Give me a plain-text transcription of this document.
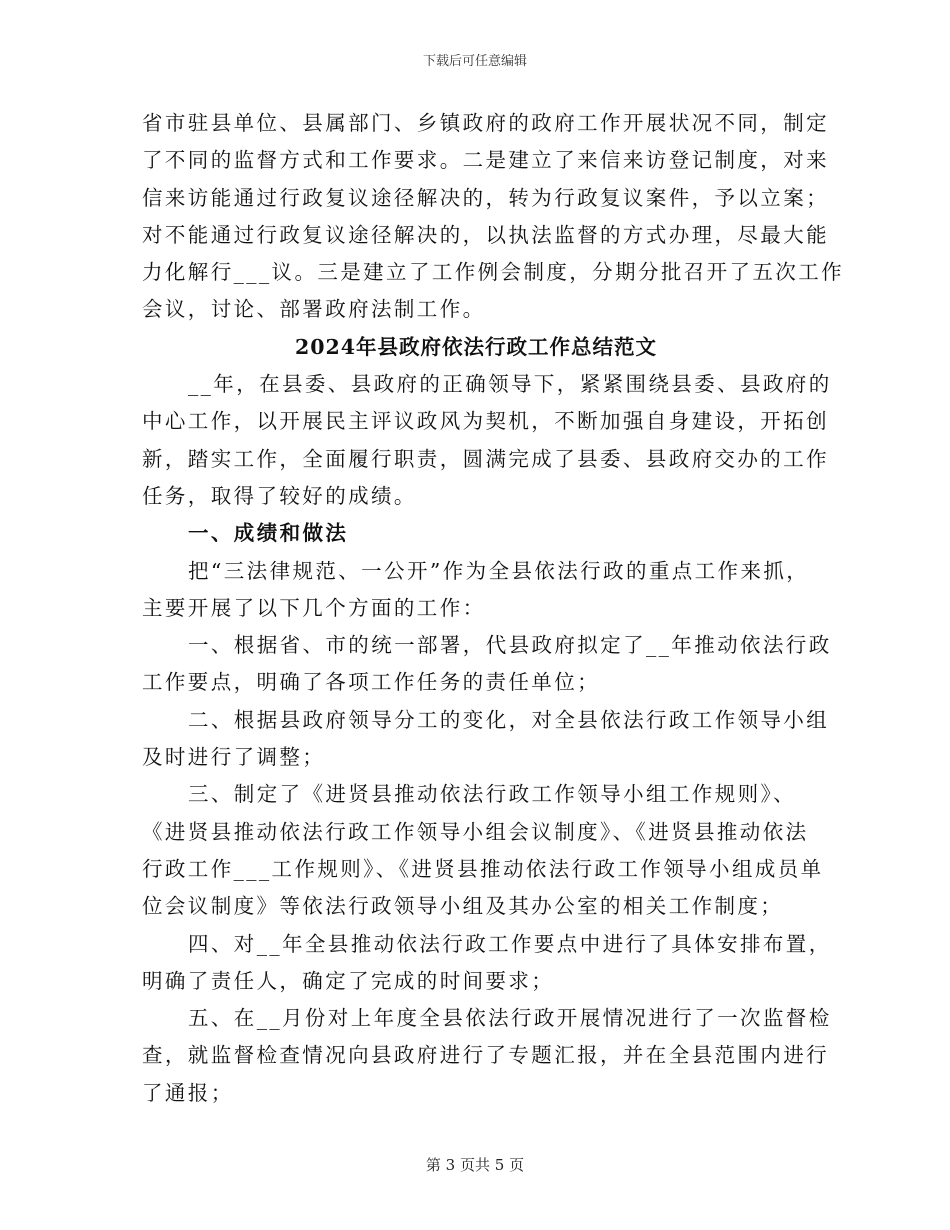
下载后可任意编辑

省市驻县单位、县属部门、乡镇政府的政府工作开展状况不同，制定

了不同的监督方式和工作要求。二是建立了来信来访登记制度，对来

信来访能通过行政复议途径解决的，转为行政复议案件，予以立案；

对不能通过行政复议途径解决的，以执法监督的方式办理，尽最大能

力化解行___议。三是建立了工作例会制度，分期分批召开了五次工作

会议，讨论、部署政府法制工作。

2024年县政府依法行政工作总结范文

__年，在县委、县政府的正确领导下，紧紧围绕县委、县政府的

中心工作，以开展民主评议政风为契机，不断加强自身建设，开拓创

新，踏实工作，全面履行职责，圆满完成了县委、县政府交办的工作

任务，取得了较好的成绩。

一、成绩和做法

把“三法律规范、一公开”作为全县依法行政的重点工作来抓，

主要开展了以下几个方面的工作：

一、根据省、市的统一部署，代县政府拟定了__年推动依法行政

工作要点，明确了各项工作任务的责任单位；

二、根据县政府领导分工的变化，对全县依法行政工作领导小组

及时进行了调整；

三、制定了《进贤县推动依法行政工作领导小组工作规则》、

《进贤县推动依法行政工作领导小组会议制度》、《进贤县推动依法

行政工作___工作规则》、《进贤县推动依法行政工作领导小组成员单

位会议制度》等依法行政领导小组及其办公室的相关工作制度；

四、对__年全县推动依法行政工作要点中进行了具体安排布置，

明确了责任人，确定了完成的时间要求；

五、在__月份对上年度全县依法行政开展情况进行了一次监督检

查，就监督检查情况向县政府进行了专题汇报，并在全县范围内进行

了通报；

第 3 页共 5 页
